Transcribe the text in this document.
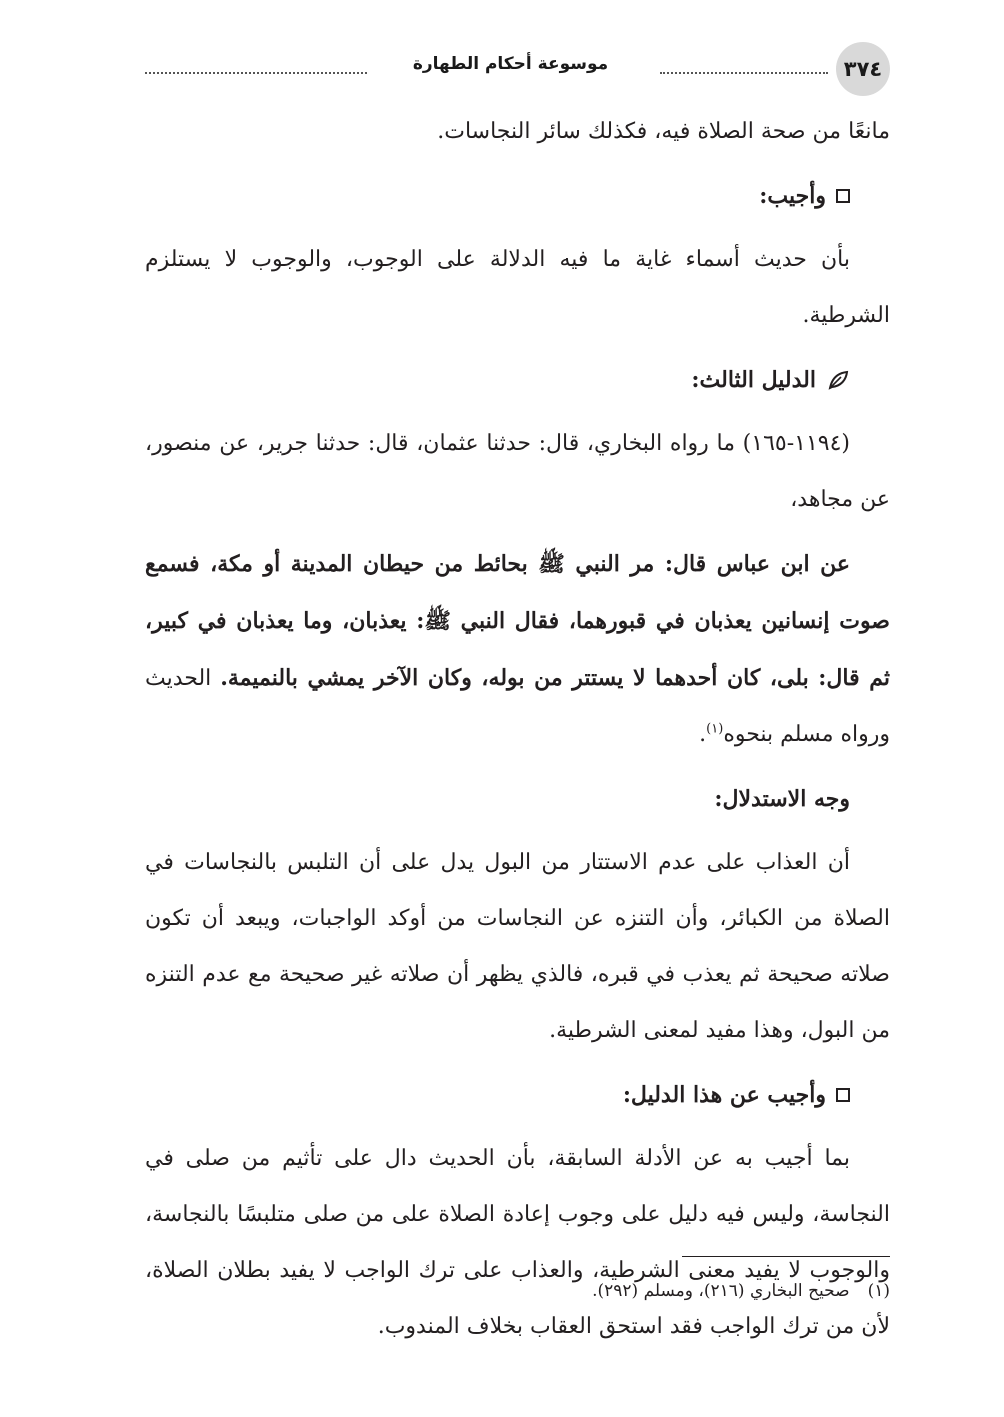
٣٧٤
موسوعة أحكام الطهارة

مانعًا من صحة الصلاة فيه، فكذلك سائر النجاسات.

وأجيب:

بأن حديث أسماء غاية ما فيه الدلالة على الوجوب، والوجوب لا يستلزم الشرطية.

الدليل الثالث:

(١١٩٤-١٦٥) ما رواه البخاري، قال: حدثنا عثمان، قال: حدثنا جرير، عن منصور، عن مجاهد،

عن ابن عباس قال: مر النبي ﷺ بحائط من حيطان المدينة أو مكة، فسمع صوت إنسانين يعذبان في قبورهما، فقال النبي ﷺ: يعذبان، وما يعذبان في كبير، ثم قال: بلى، كان أحدهما لا يستتر من بوله، وكان الآخر يمشي بالنميمة. الحديث ورواه مسلم بنحوه$^{(١)}$.

وجه الاستدلال:

أن العذاب على عدم الاستتار من البول يدل على أن التلبس بالنجاسات في الصلاة من الكبائر، وأن التنزه عن النجاسات من أوكد الواجبات، ويبعد أن تكون صلاته صحيحة ثم يعذب في قبره، فالذي يظهر أن صلاته غير صحيحة مع عدم التنزه من البول، وهذا مفيد لمعنى الشرطية.

وأجيب عن هذا الدليل:

بما أجيب به عن الأدلة السابقة، بأن الحديث دال على تأثيم من صلى في النجاسة، وليس فيه دليل على وجوب إعادة الصلاة على من صلى متلبسًا بالنجاسة، والوجوب لا يفيد معنى الشرطية، والعذاب على ترك الواجب لا يفيد بطلان الصلاة، لأن من ترك الواجب فقد استحق العقاب بخلاف المندوب.

(١)صحيح البخاري (٢١٦)، ومسلم (٢٩٢).
